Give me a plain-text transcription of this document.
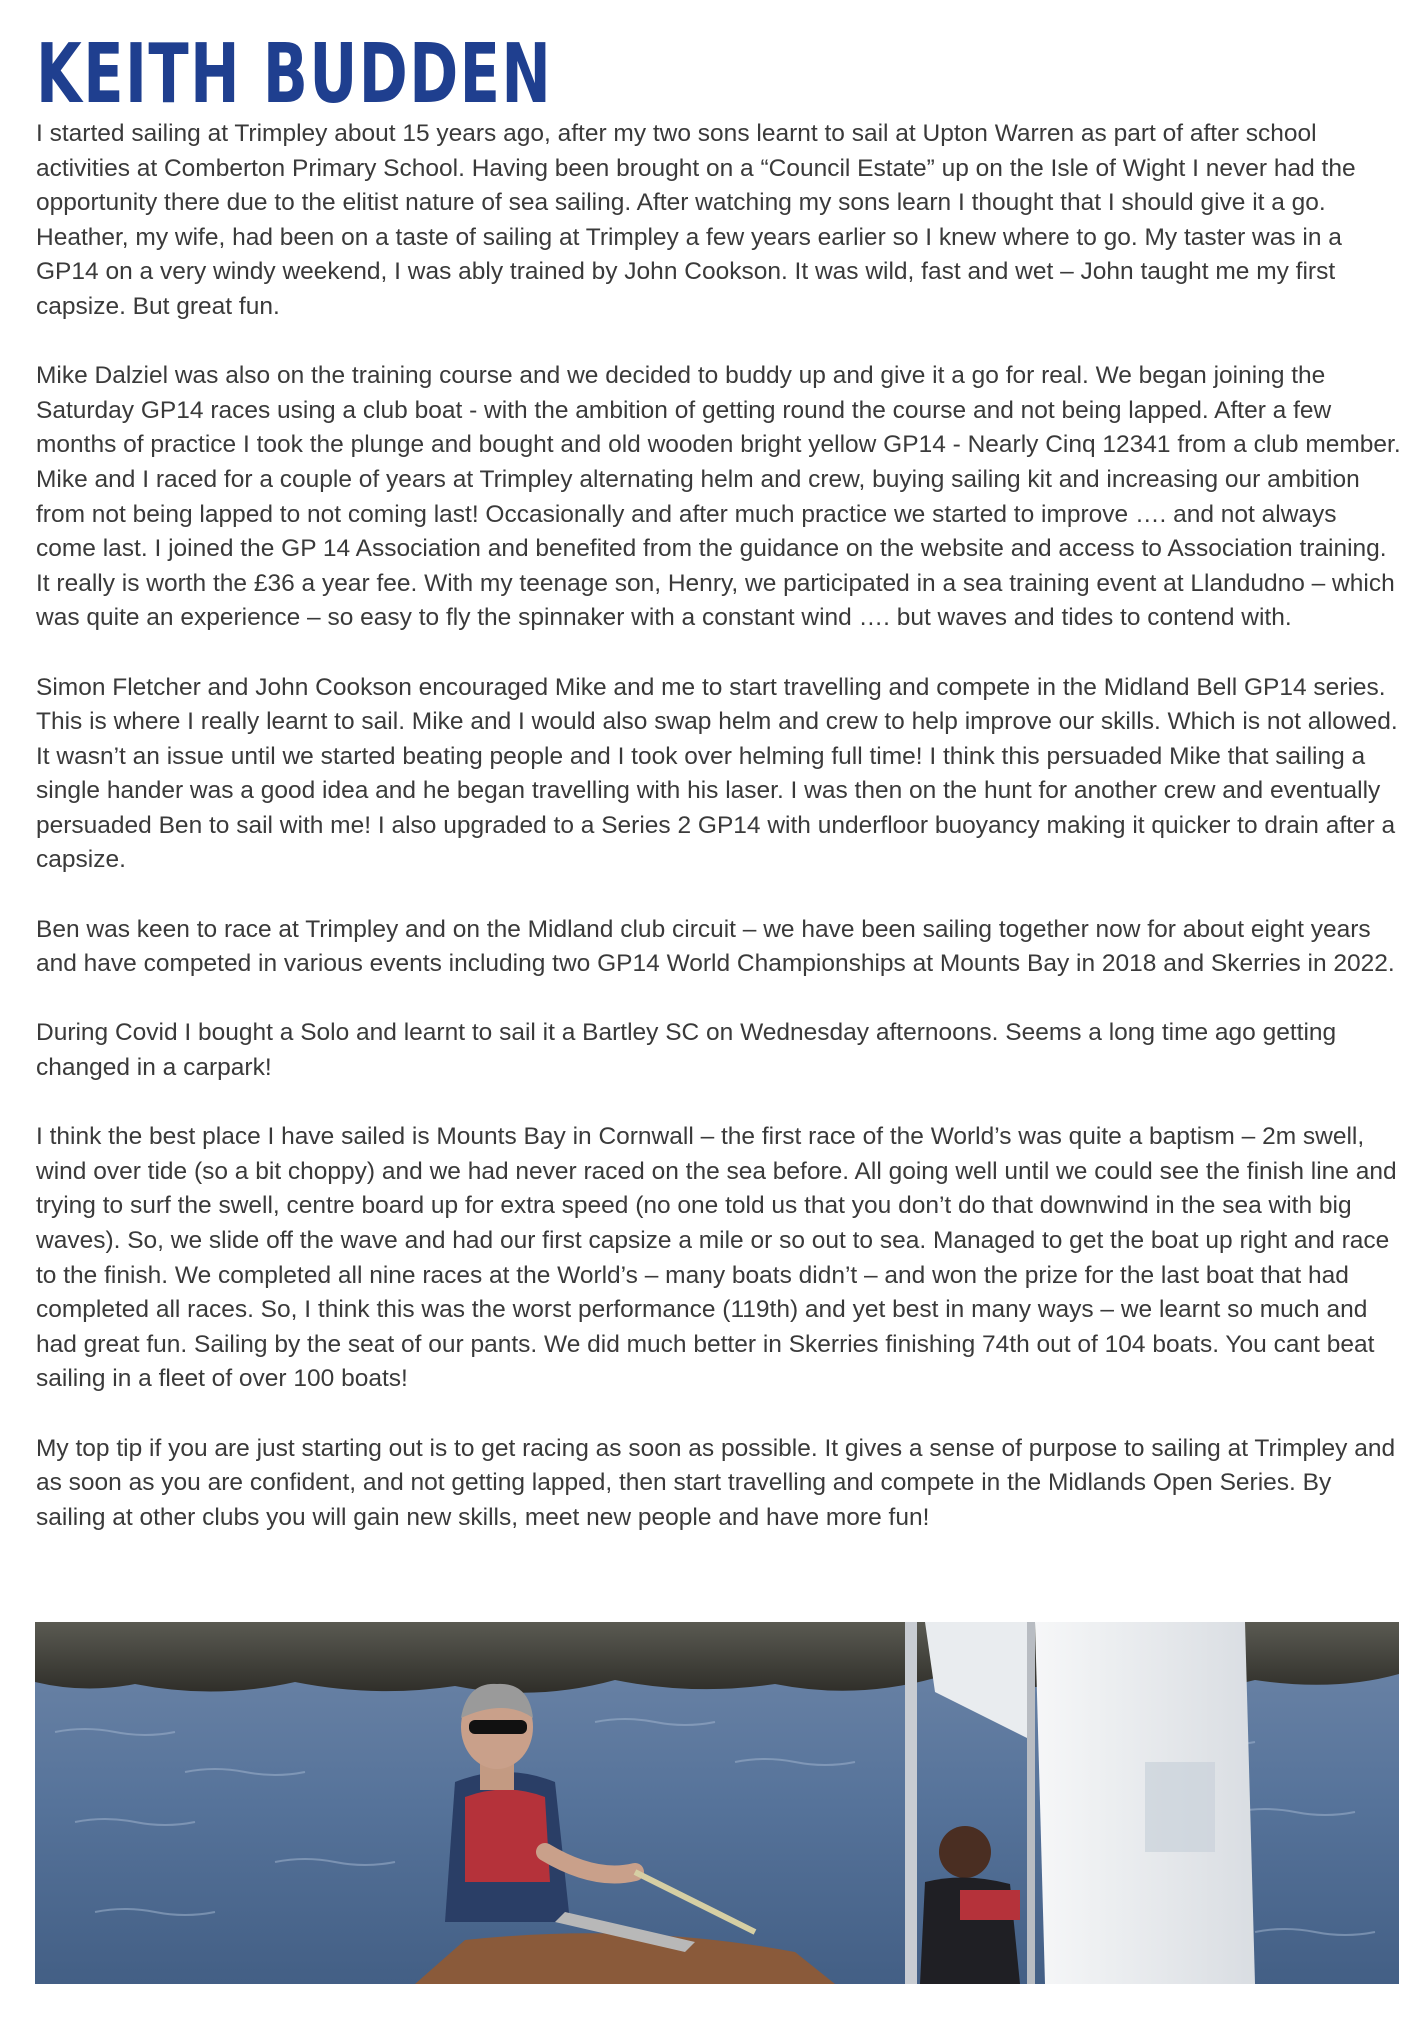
KEITH BUDDEN

I started sailing at Trimpley about 15 years ago, after my two sons learnt to sail at Upton Warren as part of after school activities at Comberton Primary School. Having been brought on a “Council Estate” up on the Isle of Wight I never had the opportunity there due to the elitist nature of sea sailing. After watching my sons learn I thought that I should give it a go. Heather, my wife, had been on a taste of sailing at Trimpley a few years earlier so I knew where to go. My taster was in a GP14 on a very windy weekend, I was ably trained by John Cookson. It was wild, fast and wet – John taught me my first capsize. But great fun.

Mike Dalziel was also on the training course and we decided to buddy up and give it a go for real. We began joining the Saturday GP14 races using a club boat - with the ambition of getting round the course and not being lapped. After a few months of practice I took the plunge and bought and old wooden bright yellow GP14 - Nearly Cinq 12341 from a club member. Mike and I raced for a couple of years at Trimpley alternating helm and crew, buying sailing kit and increasing our ambition from not being lapped to not coming last! Occasionally and after much practice we started to improve …. and not always come last. I joined the GP 14 Association and benefited from the guidance on the website and access to Association training. It really is worth the £36 a year fee. With my teenage son, Henry, we participated in a sea training event at Llandudno – which was quite an experience – so easy to fly the spinnaker with a constant wind …. but waves and tides to contend with.

Simon Fletcher and John Cookson encouraged Mike and me to start travelling and compete in the Midland Bell GP14 series. This is where I really learnt to sail. Mike and I would also swap helm and crew to help improve our skills. Which is not allowed. It wasn’t an issue until we started beating people and I took over helming full time! I think this persuaded Mike that sailing a single hander was a good idea and he began travelling with his laser. I was then on the hunt for another crew and eventually persuaded Ben to sail with me! I also upgraded to a Series 2 GP14 with underfloor buoyancy making it quicker to drain after a capsize.

Ben was keen to race at Trimpley and on the Midland club circuit – we have been sailing together now for about eight years and have competed in various events including two GP14 World Championships at Mounts Bay in 2018 and Skerries in 2022.

During Covid I bought a Solo and learnt to sail it a Bartley SC on Wednesday afternoons. Seems a long time ago getting changed in a carpark!

I think the best place I have sailed is Mounts Bay in Cornwall – the first race of the World’s was quite a baptism – 2m swell, wind over tide (so a bit choppy) and we had never raced on the sea before. All going well until we could see the finish line and trying to surf the swell, centre board up for extra speed (no one told us that you don’t do that downwind in the sea with big waves). So, we slide off the wave and had our first capsize a mile or so out to sea. Managed to get the boat up right and race to the finish. We completed all nine races at the World’s – many boats didn’t – and won the prize for the last boat that had completed all races. So, I think this was the worst performance (119th) and yet best in many ways – we learnt so much and had great fun. Sailing by the seat of our pants. We did much better in Skerries finishing 74th out of 104 boats. You cant beat sailing in a fleet of over 100 boats!

My top tip if you are just starting out is to get racing as soon as possible. It gives a sense of purpose to sailing at Trimpley and as soon as you are confident, and not getting lapped, then start travelling and compete in the Midlands Open Series. By sailing at other clubs you will gain new skills, meet new people and have more fun!
